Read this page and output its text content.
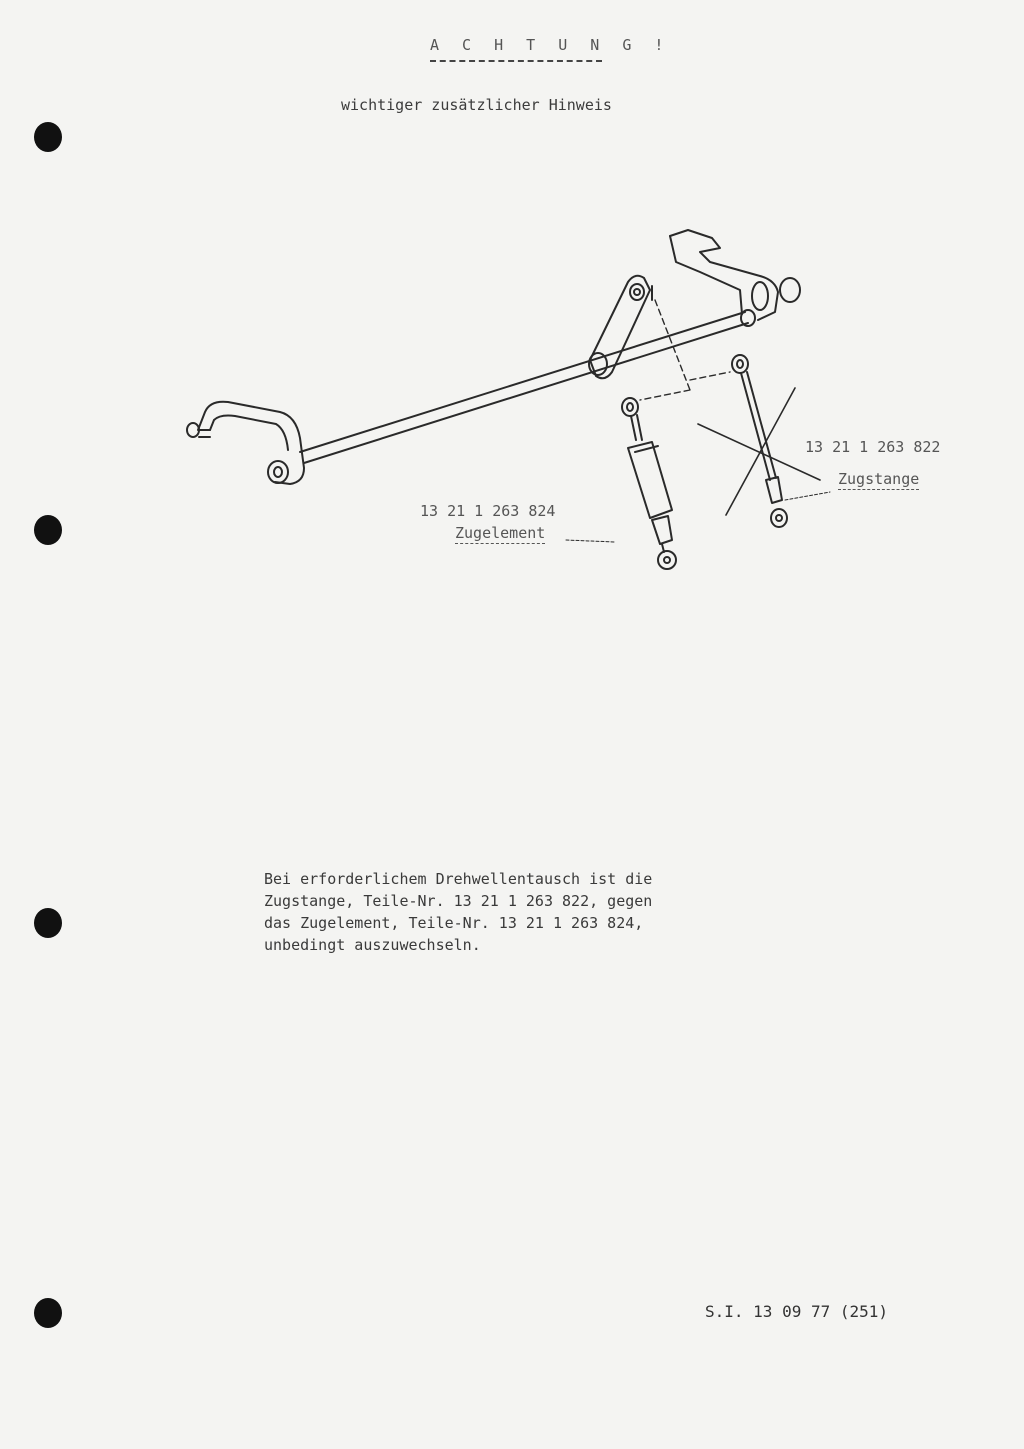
A C H T U N G !
wichtiger zusätzlicher Hinweis
13 21 1 263 822
Zugstange
13 21 1 263 824
Zugelement
Bei erforderlichem Drehwellentausch ist die
Zugstange, Teile-Nr. 13 21 1 263 822, gegen
das Zugelement, Teile-Nr. 13 21 1 263 824,
unbedingt auszuwechseln.
S.I. 13 09 77 (251)
